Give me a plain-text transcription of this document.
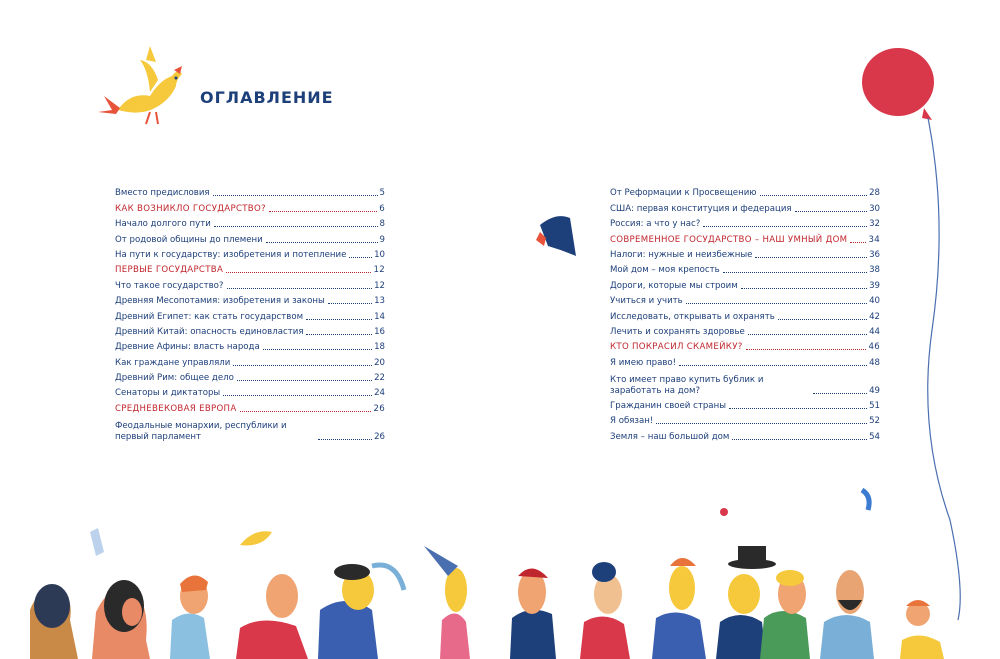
ОГЛАВЛЕНИЕ
Вместо предисловия	5
КАК ВОЗНИКЛО ГОСУДАРСТВО?	6
Начало долгого пути	8
От родовой общины до племени	9
На пути к государству: изобретения и потепление	10
ПЕРВЫЕ ГОСУДАРСТВА	12
Что такое государство?	12
Древняя Месопотамия: изобретения и законы	13
Древний Египет: как стать государством	14
Древний Китай: опасность единовластия	16
Древние Афины: власть народа	18
Как граждане управляли	20
Древний Рим: общее дело	22
Сенаторы и диктаторы	24
СРЕДНЕВЕКОВАЯ ЕВРОПА	26
Феодальные монархии, республики и первый парламент	26
От Реформации к Просвещению	28
США: первая конституция и федерация	30
Россия: а что у нас?	32
СОВРЕМЕННОЕ ГОСУДАРСТВО – НАШ УМНЫЙ ДОМ 34
Налоги: нужные и неизбежные	36
Мой дом – моя крепость	38
Дороги, которые мы строим	39
Учиться и учить	40
Исследовать, открывать и охранять	42
Лечить и сохранять здоровье	44
КТО ПОКРАСИЛ СКАМЕЙКУ?	46
Я имею право!	48
Кто имеет право купить бублик и заработать на дом?	49
Гражданин своей страны	51
Я обязан!	52
Земля – наш большой дом	54
